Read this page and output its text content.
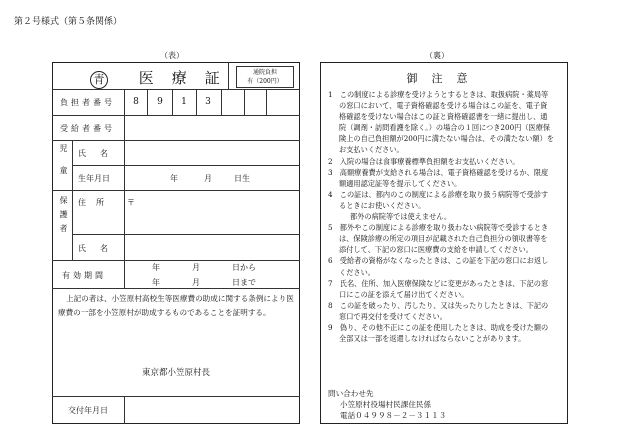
第２号様式（第５条関係）
（表）
青 医療証	通院負担
有（200円）
負担者番号	8	9	1	3
受給者番号
児童 氏名
生年月日	年	月	日生
保護者 住所 〒
氏名
有効期間
年	月	日から
年	月	日まで
上記の者は、小笠原村高校生等医療費の助成に関する条例により医療費の一部を小笠原村が助成するものであることを証明する。
東京都小笠原村長
交付年月日
（裏）
御注意
1　 この制度による診療を受けようとするときは、取扱病院・薬局等の窓口において、電子資格確認を受ける場合はこの証を、電子資格確認を受けない場合はこの証と資格確認書を一緒に提出し、通院（調剤・訪問看護を除く。）の場合の１回につき200円（医療保険上の自己負担額が200円に満たない場合は、その満たない額）をお支払いください。
2　 入院の場合は食事療養標準負担額をお支払いください。
3　 高額療養費が支給される場合は、電子資格確認を受けるか、限度額適用認定証等を提示してください。
4　 この証は、都内のこの制度による診療を取り扱う病院等で受診するときにお使いください。
都外の病院等では使えません。
5　 都外やこの制度による診療を取り扱わない病院等で受診するときは、保険診療の所定の項目が記載された自己負担分の領収書等を添付して、下記の窓口に医療費の支給を申請してください。
6　 受給者の資格がなくなったときは、この証を下記の窓口にお返しください。
7　 氏名、住所、加入医療保険などに変更があったときは、下記の窓口にこの証を添えて届け出てください。
8　 この証を破ったり、汚したり、又は失ったりしたときは、下記の窓口で再交付を受けてください。
9　 偽り、その他不正にこの証を使用したときは、助成を受けた額の全部又は一部を返還しなければならないことがあります。
問い合わせ先
小笠原村役場村民課住民係
電話０４９９８－２－３１１３
